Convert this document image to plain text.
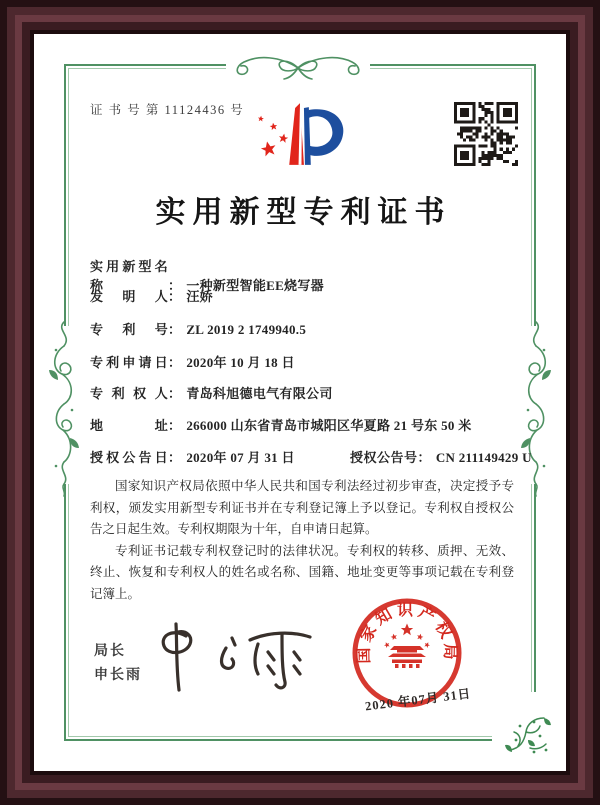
证 书 号 第 11124436 号
实用新型专利证书
实用新型名称	： 一种新型智能EE烧写器
发明人： 汪娇
专利号： ZL 2019 2 1749940.5
专利申请日： 2020年 10 月 18 日
专利权人： 青岛科旭德电气有限公司
地址： 266000 山东省青岛市城阳区华夏路 21 号东 50 米
授权公告日： 2020年 07 月 31 日	授权公告号： CN 211149429 U

国家知识产权局依照中华人民共和国专利法经过初步审查，决定授予专利权，颁发实用新型专利证书并在专利登记簿上予以登记。专利权自授权公告之日起生效。专利权期限为十年，自申请日起算。

专利证书记载专利权登记时的法律状况。专利权的转移、质押、无效、终止、恢复和专利权人的姓名或名称、国籍、地址变更等事项记载在专利登记簿上。

局长
申长雨
国家知识产权局
2020 年07月 31日
